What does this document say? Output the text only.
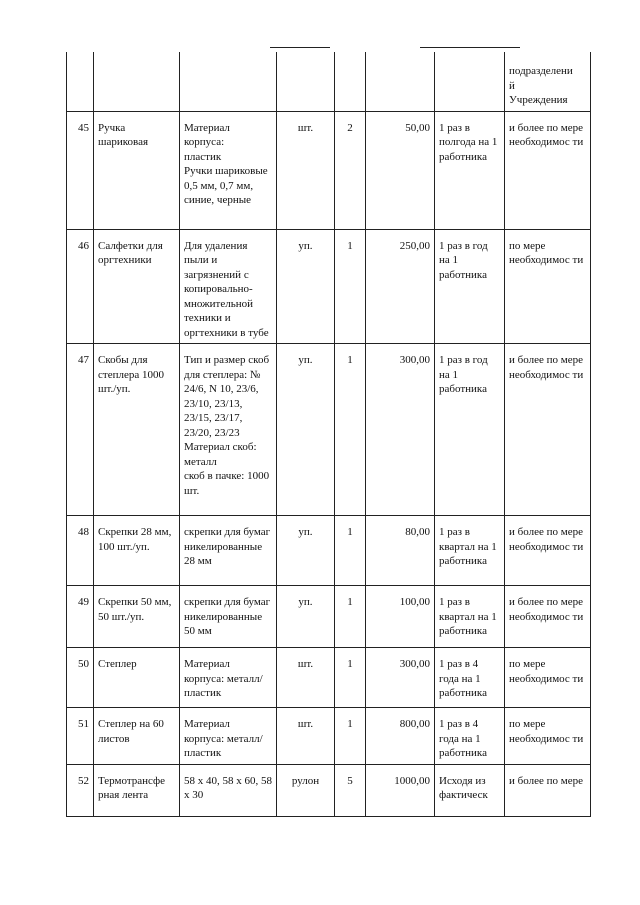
							подразделени
й
Учреждения
45	Ручка шариковая	Материал корпуса:
пластик
Ручки шариковые 0,5 мм, 0,7 мм, синие, черные	шт.	2	50,00	1 раз в полгода на 1 работника	и более по мере необходимос ти
46	Салфетки для оргтехники	Для удаления пыли и загрязнений с копировально-множительной техники и оргтехники в тубе	уп.	1	250,00	1 раз в год на 1 работника	по мере необходимос ти
47	Скобы для степлера 1000 шт./уп.	Тип и размер скоб для степлера: № 24/6, N 10, 23/6, 23/10, 23/13, 23/15, 23/17, 23/20, 23/23
Материал скоб: металл
скоб в пачке: 1000 шт.	уп.	1	300,00	1 раз в год на 1 работника	и более по мере необходимос ти
48	Скрепки 28 мм, 100 шт./уп.	скрепки для бумаг никелированные 28 мм	уп.	1	80,00	1 раз в квартал на 1 работника	и более по мере необходимос ти
49	Скрепки 50 мм, 50 шт./уп.	скрепки для бумаг никелированные 50 мм	уп.	1	100,00	1 раз в квартал на 1 работника	и более по мере необходимос ти
50	Степлер	Материал корпуса: металл/пластик	шт.	1	300,00	1 раз в 4 года на 1 работника	по мере необходимос ти
51	Степлер на 60 листов	Материал корпуса: металл/пластик	шт.	1	800,00	1 раз в 4 года на 1 работника	по мере необходимос ти
52	Термотрансфе рная лента	58 х 40, 58 х 60, 58 х 30	рулон	5	1000,00	Исходя из фактическ	и более по мере
